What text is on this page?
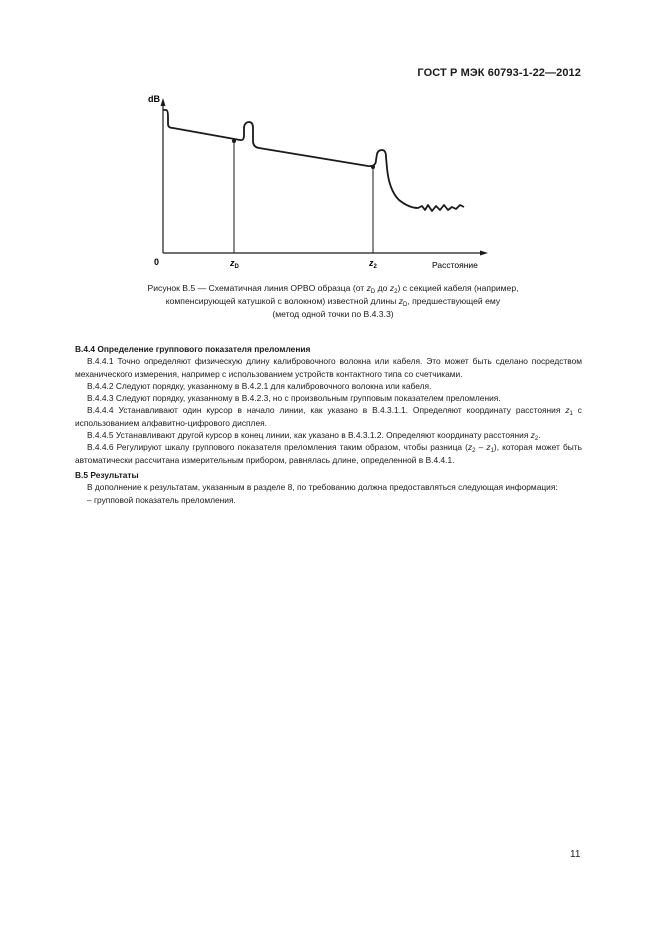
ГОСТ Р МЭК 60793-1-22—2012
dB
0	$z_D$	$z_2$	Расстояние
Рисунок В.5 — Схематичная линия OPBO образца (от $z_D$ до $z_2$) с секцией кабеля (например,
компенсирующей катушкой с волокном) известной длины $z_D$, предшествующей ему
(метод одной точки по В.4.3.3)

В.4.4 Определение группового показателя преломления

В.4.4.1 Точно определяют физическую длину калибровочного волокна или кабеля. Это может быть сделано посредством механического измерения, например с использованием устройств контактного типа со счетчиками.

В.4.4.2 Следуют порядку, указанному в В.4.2.1 для калибровочного волокна или кабеля.

В.4.4.3 Следуют порядку, указанному в В.4.2.3, но с произвольным групповым показателем преломления.

В.4.4.4 Устанавливают один курсор в начало линии, как указано в В.4.3.1.1. Определяют координату расстояния $z_1$ с использованием алфавитно-цифрового дисплея.

В.4.4.5 Устанавливают другой курсор в конец линии, как указано в В.4.3.1.2. Определяют координату расстояния $z_2$.

В.4.4.6 Регулируют шкалу группового показателя преломления таким образом, чтобы разница $(z_2 - z_1)$, которая может быть автоматически рассчитана измерительным прибором, равнялась длине, определенной в В.4.4.1.

В.5 Результаты

В дополнение к результатам, указанным в разделе 8, по требованию должна предоставляться следующая информация:

– групповой показатель преломления.

11
